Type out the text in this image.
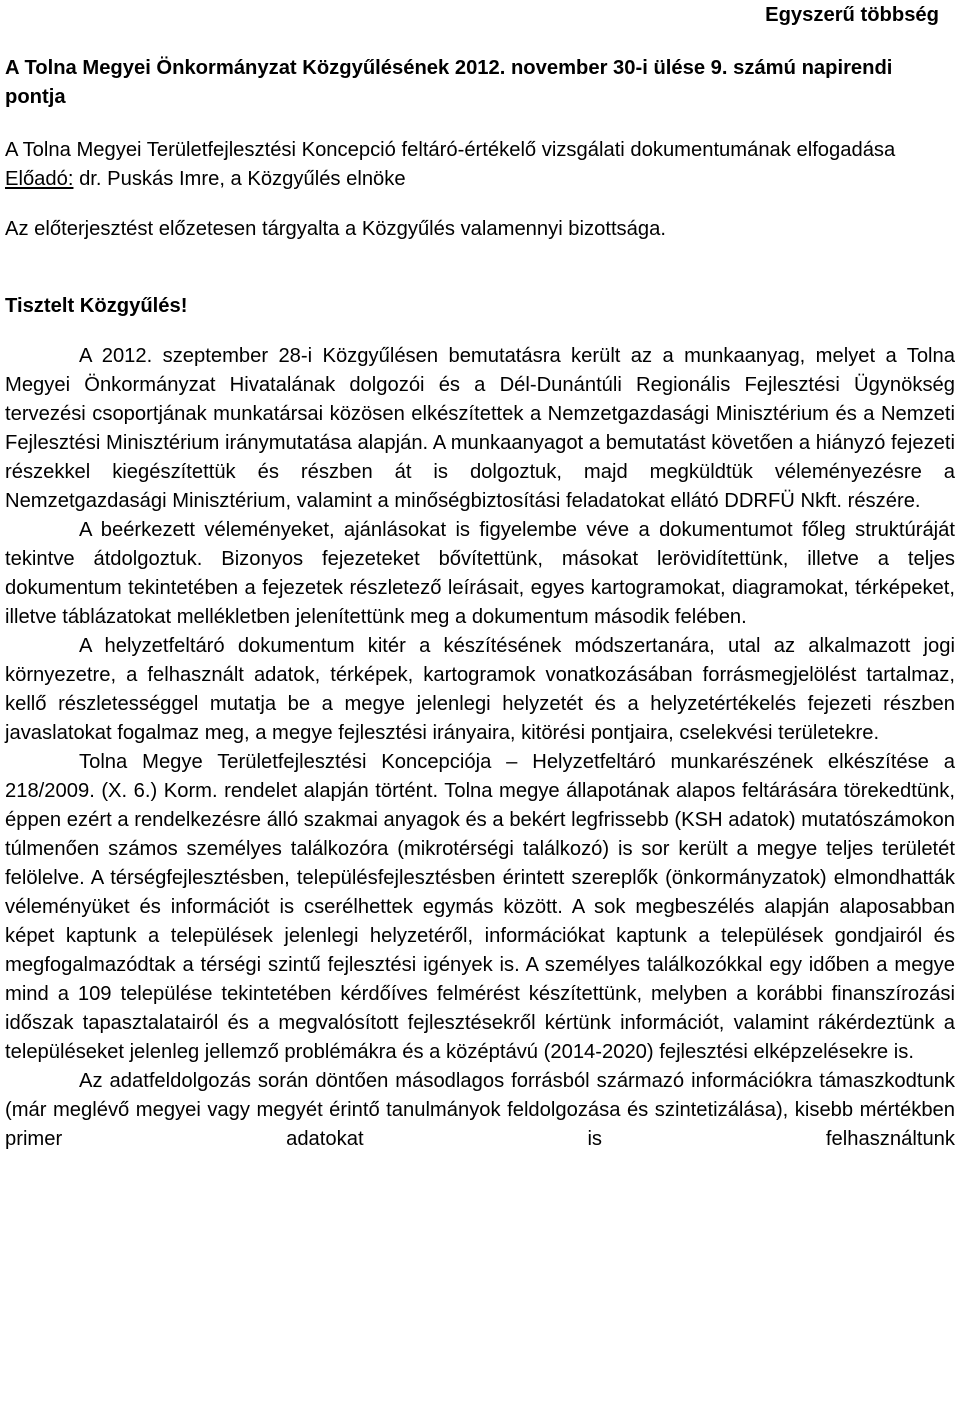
Egyszerű többség
A Tolna Megyei Önkormányzat Közgyűlésének 2012. november 30-i ülése 9. számú napirendi pontja
A Tolna Megyei Területfejlesztési Koncepció feltáró-értékelő vizsgálati dokumentumának elfogadása
Előadó: dr. Puskás Imre, a Közgyűlés elnöke
Az előterjesztést előzetesen tárgyalta a Közgyűlés valamennyi bizottsága.
Tisztelt Közgyűlés!

A 2012. szeptember 28-i Közgyűlésen bemutatásra került az a munkaanyag, melyet a Tolna Megyei Önkormányzat Hivatalának dolgozói és a Dél-Dunántúli Regionális Fejlesztési Ügynökség tervezési csoportjának munkatársai közösen elkészítettek a Nemzetgazdasági Minisztérium és a Nemzeti Fejlesztési Minisztérium iránymutatása alapján. A munkaanyagot a bemutatást követően a hiányzó fejezeti részekkel kiegészítettük és részben át is dolgoztuk, majd megküldtük véleményezésre a Nemzetgazdasági Minisztérium, valamint a minőségbiztosítási feladatokat ellátó DDRFÜ Nkft. részére.

A beérkezett véleményeket, ajánlásokat is figyelembe véve a dokumentumot főleg struktúráját tekintve átdolgoztuk. Bizonyos fejezeteket bővítettünk, másokat lerövidítettünk, illetve a teljes dokumentum tekintetében a fejezetek részletező leírásait, egyes kartogramokat, diagramokat, térképeket, illetve táblázatokat mellékletben jelenítettünk meg a dokumentum második felében.

A helyzetfeltáró dokumentum kitér a készítésének módszertanára, utal az alkalmazott jogi környezetre, a felhasznált adatok, térképek, kartogramok vonatkozásában forrásmegjelölést tartalmaz, kellő részletességgel mutatja be a megye jelenlegi helyzetét és a helyzetértékelés fejezeti részben javaslatokat fogalmaz meg, a megye fejlesztési irányaira, kitörési pontjaira, cselekvési területekre.

Tolna Megye Területfejlesztési Koncepciója – Helyzetfeltáró munkarészének elkészítése a 218/2009. (X. 6.) Korm. rendelet alapján történt. Tolna megye állapotának alapos feltárására törekedtünk, éppen ezért a rendelkezésre álló szakmai anyagok és a bekért legfrissebb (KSH adatok) mutatószámokon túlmenően számos személyes találkozóra (mikrotérségi találkozó) is sor került a megye teljes területét felölelve. A térségfejlesztésben, településfejlesztésben érintett szereplők (önkormányzatok) elmondhatták véleményüket és információt is cserélhettek egymás között. A sok megbeszélés alapján alaposabban képet kaptunk a települések jelenlegi helyzetéről, információkat kaptunk a települések gondjairól és megfogalmazódtak a térségi szintű fejlesztési igények is. A személyes találkozókkal egy időben a megye mind a 109 települése tekintetében kérdőíves felmérést készítettünk, melyben a korábbi finanszírozási időszak tapasztalatairól és a megvalósított fejlesztésekről kértünk információt, valamint rákérdeztünk a településeket jelenleg jellemző problémákra és a középtávú (2014-2020) fejlesztési elképzelésekre is.

Az adatfeldolgozás során döntően másodlagos forrásból származó információkra támaszkodtunk (már meglévő megyei vagy megyét érintő tanulmányok feldolgozása és szintetizálása), kisebb mértékben primer adatokat is felhasználtunk
